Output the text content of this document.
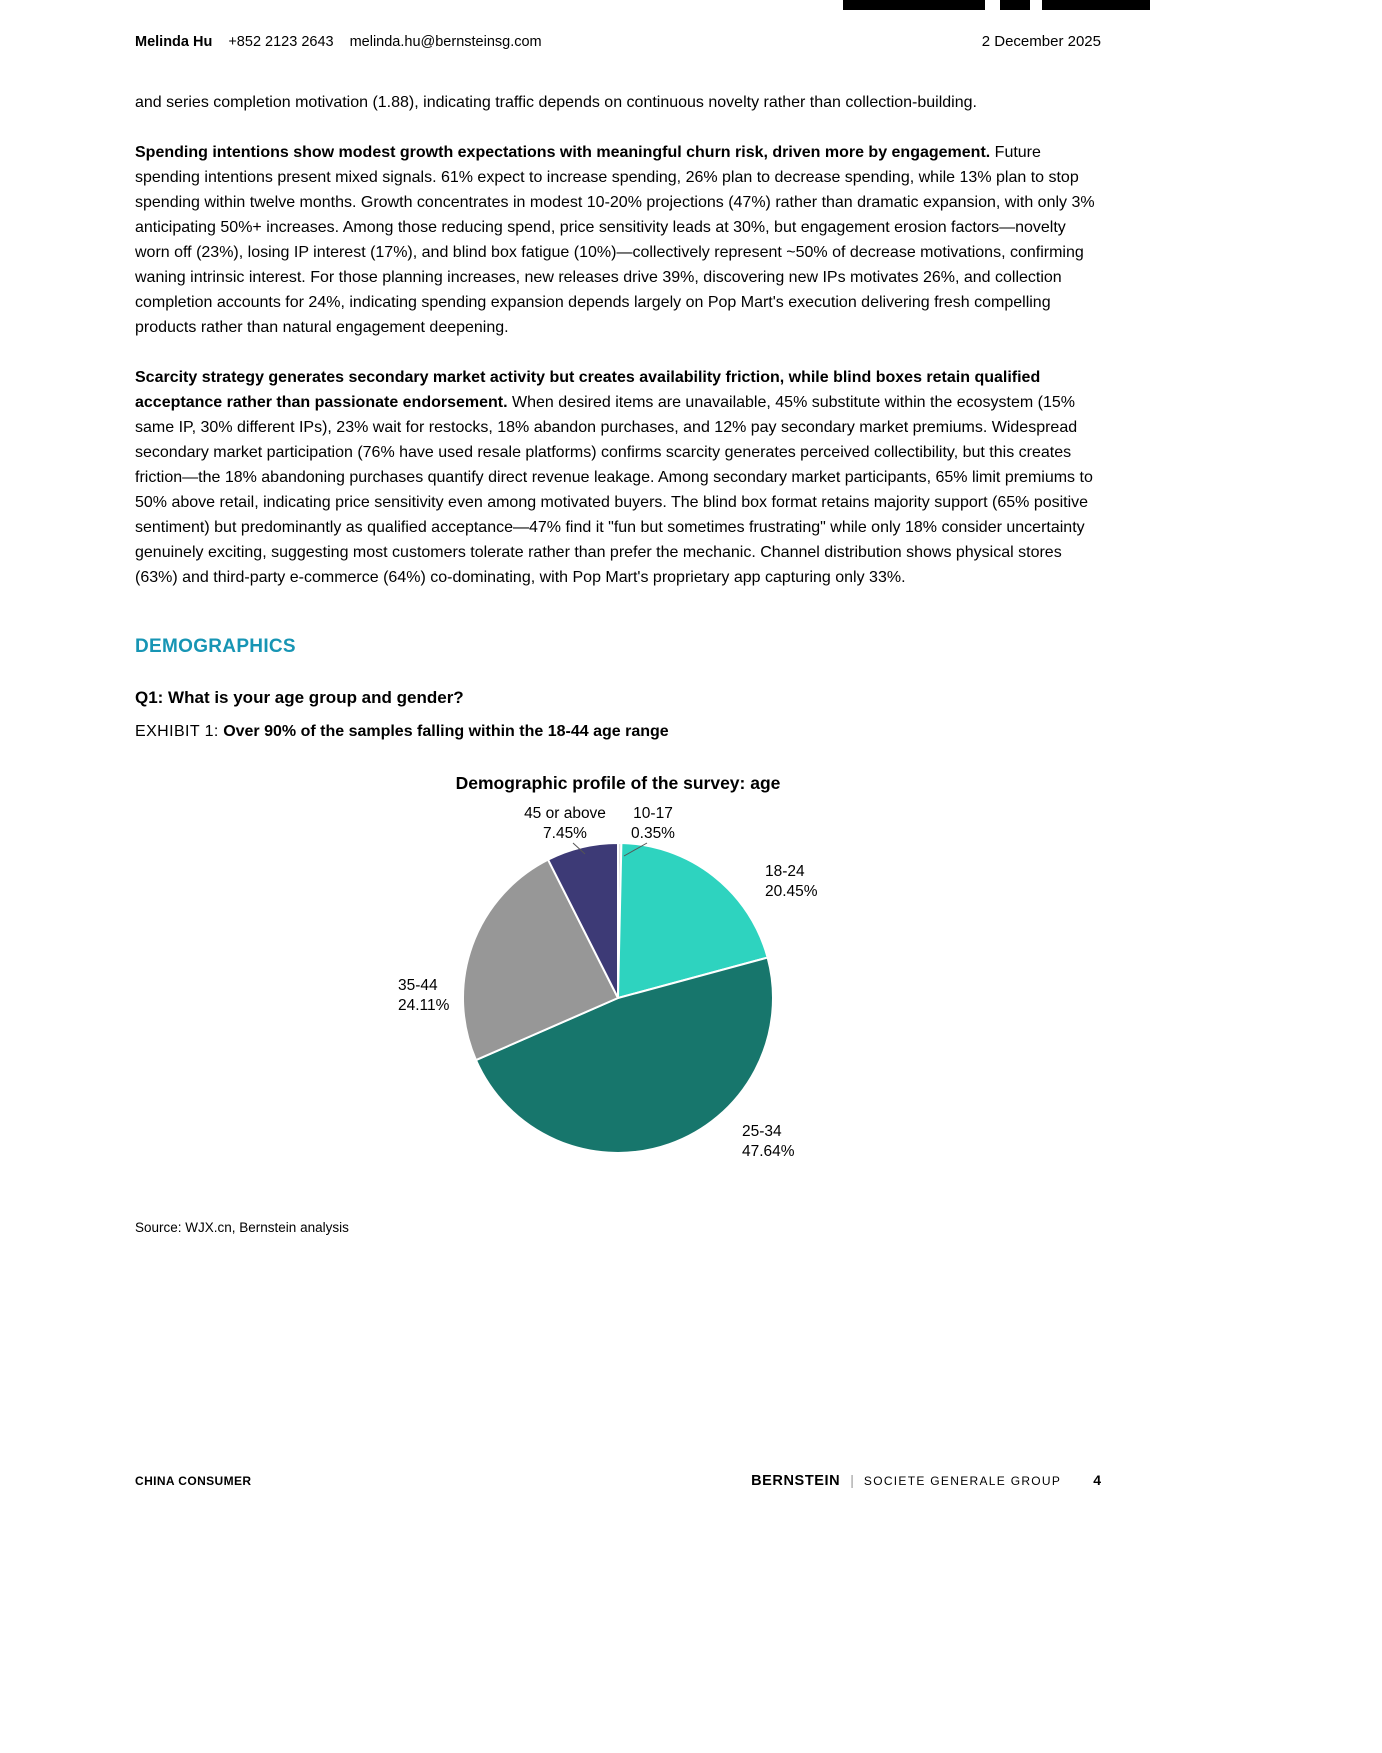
Melinda Hu +852 2123 2643 melinda.hu@bernsteinsg.com	2 December 2025

and series completion motivation (1.88), indicating traffic depends on continuous novelty rather than collection-building.

Spending intentions show modest growth expectations with meaningful churn risk, driven more by engagement. Future spending intentions present mixed signals. 61% expect to increase spending, 26% plan to decrease spending, while 13% plan to stop spending within twelve months. Growth concentrates in modest 10-20% projections (47%) rather than dramatic expansion, with only 3% anticipating 50%+ increases. Among those reducing spend, price sensitivity leads at 30%, but engagement erosion factors—novelty worn off (23%), losing IP interest (17%), and blind box fatigue (10%)—collectively represent ~50% of decrease motivations, confirming waning intrinsic interest. For those planning increases, new releases drive 39%, discovering new IPs motivates 26%, and collection completion accounts for 24%, indicating spending expansion depends largely on Pop Mart's execution delivering fresh compelling products rather than natural engagement deepening.

Scarcity strategy generates secondary market activity but creates availability friction, while blind boxes retain qualified acceptance rather than passionate endorsement. When desired items are unavailable, 45% substitute within the ecosystem (15% same IP, 30% different IPs), 23% wait for restocks, 18% abandon purchases, and 12% pay secondary market premiums. Widespread secondary market participation (76% have used resale platforms) confirms scarcity generates perceived collectibility, but this creates friction—the 18% abandoning purchases quantify direct revenue leakage. Among secondary market participants, 65% limit premiums to 50% above retail, indicating price sensitivity even among motivated buyers. The blind box format retains majority support (65% positive sentiment) but predominantly as qualified acceptance—47% find it "fun but sometimes frustrating" while only 18% consider uncertainty genuinely exciting, suggesting most customers tolerate rather than prefer the mechanic. Channel distribution shows physical stores (63%) and third-party e-commerce (64%) co-dominating, with Pop Mart's proprietary app capturing only 33%.

DEMOGRAPHICS
Q1: What is your age group and gender?
EXHIBIT 1: Over 90% of the samples falling within the 18-44 age range
Demographic profile of the survey: age
10-17
0.35%
18-24
20.45%
25-34
47.64%
35-44
24.11%
45 or above
7.45%
Source: WJX.cn, Bernstein analysis
CHINA CONSUMER	BERNSTEIN | SOCIETE GENERALE GROUP 4
